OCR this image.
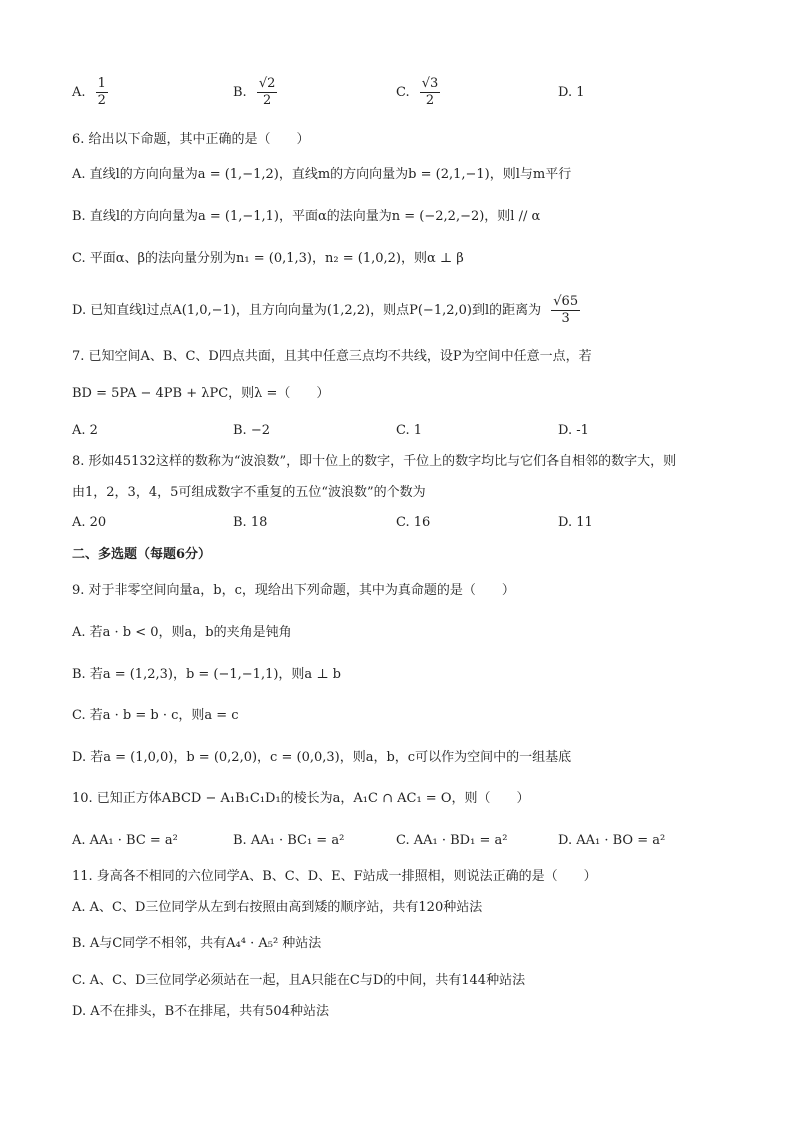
A. $\frac{1}{2}$	B. $\frac{√2}{2}$	C. $\frac{√3}{2}$	D. 1
6. 给出以下命题，其中正确的是（　　）
A. 直线l的方向向量为a = (1,−1,2)，直线m的方向向量为b = (2,1,−1)，则l与m平行
B. 直线l的方向向量为a = (1,−1,1)，平面α的法向量为n = (−2,2,−2)，则l // α
C. 平面α、β的法向量分别为n₁ = (0,1,3)，n₂ = (1,0,2)，则α ⊥ β
D. 已知直线l过点A(1,0,−1)，且方向向量为(1,2,2)，则点P(−1,2,0)到l的距离为 $\frac{√65}{3}$
7. 已知空间A、B、C、D四点共面，且其中任意三点均不共线，设P为空间中任意一点，若
BD = 5PA − 4PB + λPC，则λ =（　　）
A. 2	B. −2	C. 1	D. -1
8. 形如45132这样的数称为“波浪数”，即十位上的数字，千位上的数字均比与它们各自相邻的数字大，则
由1，2，3，4，5可组成数字不重复的五位“波浪数”的个数为
A. 20	B. 18	C. 16	D. 11
二、多选题（每题6分）
9. 对于非零空间向量a，b，c，现给出下列命题，其中为真命题的是（　　）
A. 若a · b < 0，则a，b的夹角是钝角
B. 若a = (1,2,3)，b = (−1,−1,1)，则a ⊥ b
C. 若a · b = b · c，则a = c
D. 若a = (1,0,0)，b = (0,2,0)，c = (0,0,3)，则a，b，c可以作为空间中的一组基底
10. 已知正方体ABCD − A₁B₁C₁D₁的棱长为a，A₁C ∩ AC₁ = O，则（　　）
A. AA₁ · BC = a²	B. AA₁ · BC₁ = a²	C. AA₁ · BD₁ = a²	D. AA₁ · BO = a²
11. 身高各不相同的六位同学A、B、C、D、E、F站成一排照相，则说法正确的是（　　）
A. A、C、D三位同学从左到右按照由高到矮的顺序站，共有120种站法
B. A与C同学不相邻，共有A₄⁴ · A₅² 种站法
C. A、C、D三位同学必须站在一起，且A只能在C与D的中间，共有144种站法
D. A不在排头，B不在排尾，共有504种站法
